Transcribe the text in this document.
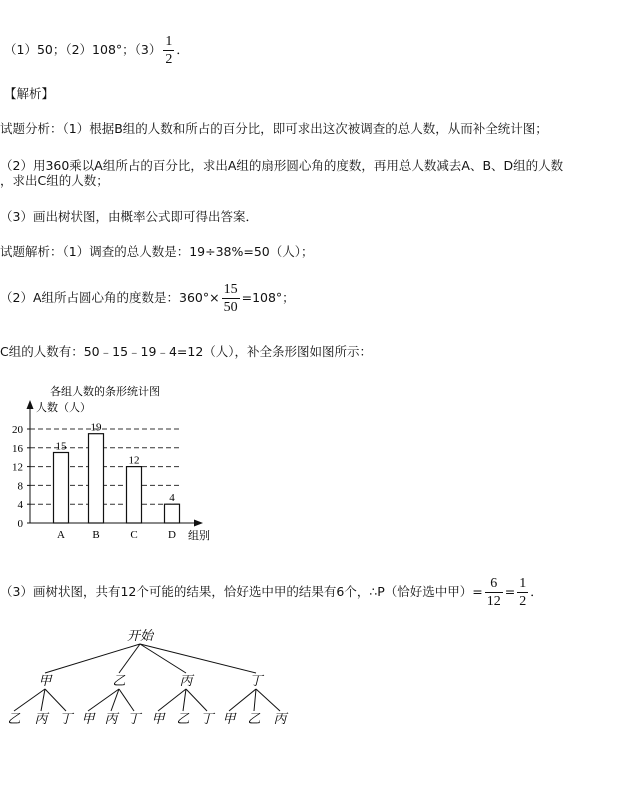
（1）50；（2）108°；$(3) \frac{1}{2}$ ．
【解析】
试题分析：（1）根据B组的人数和所占的百分比，即可求出这次被调查的总人数，从而补全统计图；
（2）用360乘以A组所占的百分比，求出A组的扇形圆心角的度数，再用总人数减去A、B、D组的人数
，求出C组的人数；
（3）画出树状图，由概率公式即可得出答案．
试题解析：（1）调查的总人数是：19÷38%=50（人）；
（2）A组所占圆心角的度数是：$360^\circ\times \frac{15}{50} =108^\circ$；
C组的人数有：50﹣15﹣19﹣4=12（人），补全条形图如图所示：
各组人数的条形统计图
人数（人）
15
19
12
4
0
4
8
12
16
20
A B	C	D 组别
（3）画树状图，共有12个可能的结果，恰好选中甲的结果有6个，∴P（恰好选中甲）= $\frac{6}{12} = \frac{1}{2}$ ．
开始
甲
乙 丙 丁
乙
甲 丙 丁
丙
甲 乙 丁
丁
甲 乙 丙
